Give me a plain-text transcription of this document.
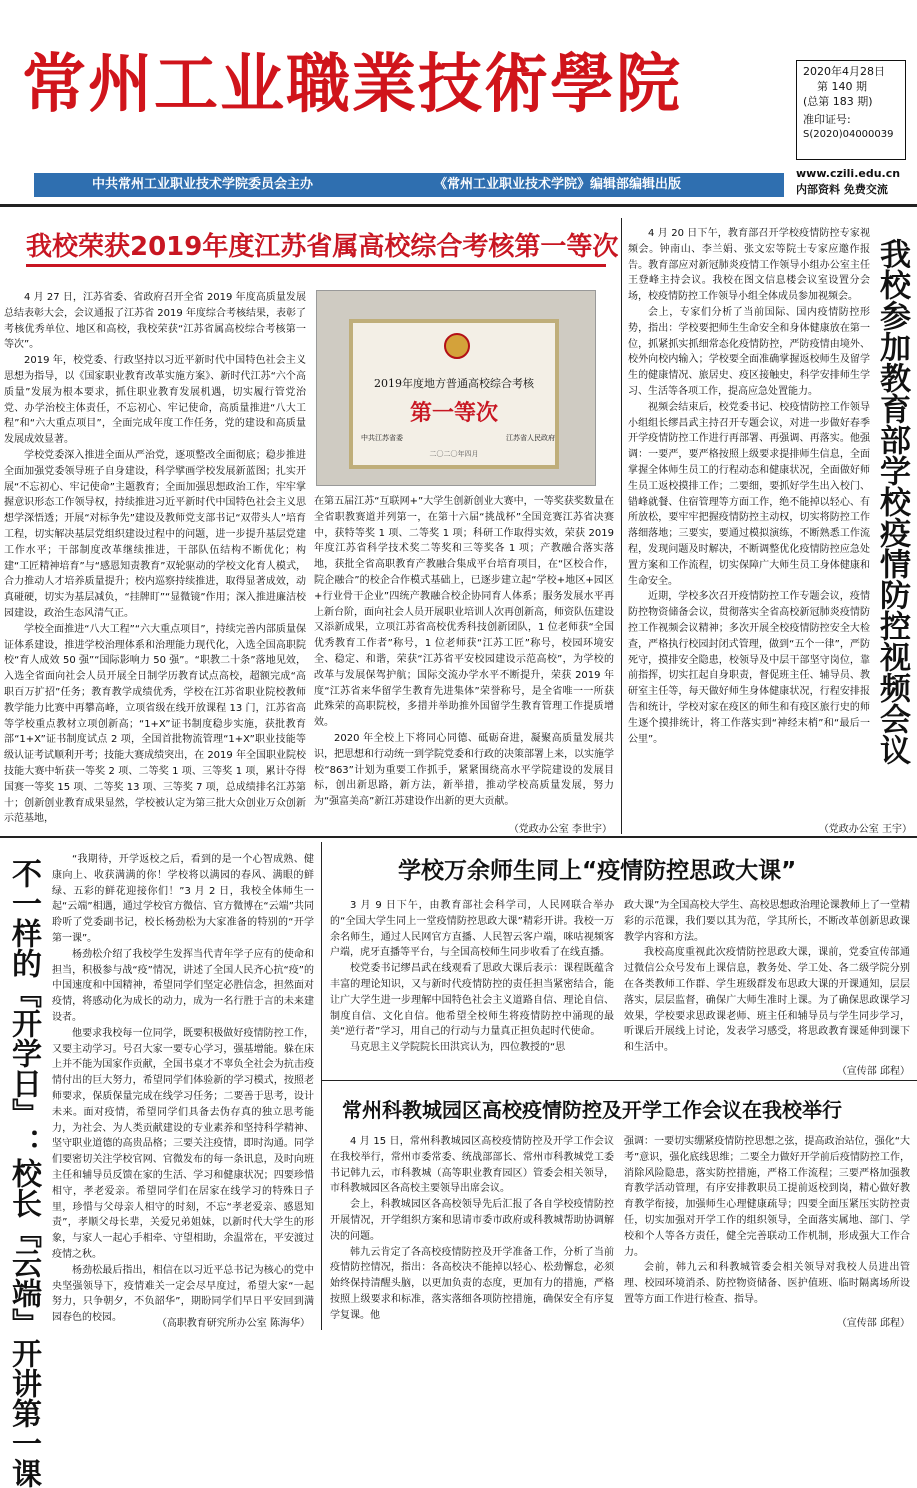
常州工业職業技術學院	2020年4月28日
第 140 期
(总第 183 期)
准印证号:
S(2020)04000039
中共常州工业职业技术学院委员会主办	《常州工业职业技术学院》编辑部编辑出版
www.czili.edu.cn
内部资料 免费交流
我校荣获2019年度江苏省属高校综合考核第一等次

4 月 27 日，江苏省委、省政府召开全省 2019 年度高质量发展总结表彰大会，会议通报了江苏省 2019 年度综合考核结果，表彰了考核优秀单位、地区和高校，我校荣获“江苏省属高校综合考核第一等次”。

2019 年，校党委、行政坚持以习近平新时代中国特色社会主义思想为指导，以《国家职业教育改革实施方案》、新时代江苏“六个高质量”发展为根本要求，抓住职业教育发展机遇，切实履行管党治党、办学治校主体责任，不忘初心、牢记使命，高质量推进“八大工程”和“六大重点项目”，全面完成年度工作任务，党的建设和高质量发展成效显著。

学校党委深入推进全面从严治党，逐项整改全面彻底；稳步推进全面加强党委领导班子自身建设，科学擘画学校发展新蓝图；扎实开展“不忘初心、牢记使命”主题教育；全面加强思想政治工作，牢牢掌握意识形态工作领导权，持续推进习近平新时代中国特色社会主义思想学深悟透；开展“对标争先”建设及教师党支部书记“双带头人”培育工程，切实解决基层党组织建设过程中的问题，进一步提升基层党建工作水平；干部制度改革继续推进，干部队伍结构不断优化；构建“工匠精神培育”与“感恩知责教育”双轮驱动的学校文化育人模式，合力推动人才培养质量提升；校内巡察持续推进，取得显著成效，动真碰硬，切实为基层减负，“挂牌盯”“显微镜”作用；深入推进廉洁校园建设，政治生态风清气正。

学校全面推进“八大工程”“六大重点项目”，持续完善内部质量保证体系建设，推进学校治理体系和治理能力现代化，入选全国高职院校“育人成效 50 强”“国际影响力 50 强”。“职教二十条”落地见效，入选全省面向社会人员开展全日制学历教育试点高校，超额完成“高职百万扩招”任务；教育教学成绩优秀，学校在江苏省职业院校教师教学能力比赛中再攀高峰，立项省级在线开放课程 13 门，江苏省高等学校重点教材立项创新高；“1+X”证书制度稳步实施，获批教育部“1+X”证书制度试点 2 项，全国首批物流管理“1+X”职业技能等级认证考试顺利开考；技能大赛成绩突出，在 2019 年全国职业院校技能大赛中斩获一等奖 2 项、二等奖 1 项、三等奖 1 项，累计夺得国赛一等奖 15 项、二等奖 13 项、三等奖 7 项，总成绩排名江苏第十；创新创业教育成果显然，学校被认定为第三批大众创业万众创新示范基地，

2019年度地方普通高校综合考核
第一等次
中共江苏省委	江苏省人民政府
二〇二〇年四月

在第五届江苏“互联网+”大学生创新创业大赛中，一等奖获奖数量在全省职教赛道并列第一，在第十六届“挑战杯”全国竞赛江苏省决赛中，获特等奖 1 项、二等奖 1 项；科研工作取得实效，荣获 2019 年度江苏省科学技术奖二等奖和三等奖各 1 项；产教融合落实落地，获批全省高职教育产教融合集成平台培育项目，在“区校合作，院企融合”的校企合作模式基础上，已逐步建立起“学校+地区+园区+行业骨干企业”四统产教融合校企协同育人体系；服务发展水平再上新台阶，面向社会人员开展职业培训人次再创新高，师资队伍建设又添新成果，立项江苏省高校优秀科技创新团队，1 位老师获“全国优秀教育工作者”称号，1 位老师获“江苏工匠”称号，校园环境安全、稳定、和谐，荣获“江苏省平安校园建设示范高校”，为学校的改革与发展保驾护航；国际交流办学水平不断提升，荣获 2019 年度“江苏省来华留学生教育先进集体”荣誉称号，是全省唯一一所获此殊荣的高职院校，多措并举助推外国留学生教育管理工作提质增效。

2020 年全校上下将同心同德、砥砺奋进，凝聚高质量发展共识，把思想和行动统一到学院党委和行政的决策部署上来，以实施学校“863”计划为重要工作抓手，紧紧围绕高水平学院建设的发展目标，创出新思路，新方法，新举措，推动学校高质量发展，努力为“强富美高”新江苏建设作出新的更大贡献。

（党政办公室 李世宇）

4 月 20 日下午，教育部召开学校疫情防控专家视频会。钟南山、李兰娟、张文宏等院士专家应邀作报告。教育部应对新冠肺炎疫情工作领导小组办公室主任王登峰主持会议。我校在图文信息楼会议室设置分会场，校疫情防控工作领导小组全体成员参加视频会。

会上，专家们分析了当前国际、国内疫情防控形势，指出：学校要把师生生命安全和身体健康放在第一位，抓紧抓实抓细常态化疫情防控，严防疫情由境外、校外向校内输入；学校要全面准确掌握返校师生及留学生的健康情况、旅居史、疫区接触史，科学安排师生学习、生活等各项工作，提高应急处置能力。

视频会结束后，校党委书记、校疫情防控工作领导小组组长缪昌武主持召开专题会议，对进一步做好春季开学疫情防控工作进行再部署、再强调、再落实。他强调：一要严，要严格按照上级要求提排师生信息，全面掌握全体师生员工的行程动态和健康状况，全面做好师生员工返校摸排工作；二要细，要抓好学生出入校门、错峰就餐、住宿管理等方面工作，绝不能掉以轻心、有所放松，要牢牢把握疫情防控主动权，切实将防控工作落细落地；三要实，要通过模拟演练，不断熟悉工作流程，发现问题及时解决，不断调整优化疫情防控应急处置方案和工作流程，切实保障广大师生员工身体健康和生命安全。

近期，学校多次召开疫情防控工作专题会议，疫情防控物资储备会议，贯彻落实全省高校新冠肺炎疫情防控工作视频会议精神；多次开展全校疫情防控安全大检查，严格执行校园封闭式管理，做到“五个一律”，严防死守，摸排安全隐患，校领导及中层干部坚守岗位，靠前指挥，切实扛起自身职责，督促班主任、辅导员、教研室主任等，每天做好师生身体健康状况，行程安排报告和统计，学校对家在疫区的师生和有疫区旅行史的师生逐个摸排统计，将工作落实到“神经末梢”和“最后一公里”。	我校参加教育部学校疫情防控视频会议
（党政办公室 王宇）
不一样的『开学日』：校长『云端』开讲第一课	“我期待，开学返校之后，看到的是一个心智成熟、健康向上、收获满满的你！学校将以满园的春风、满眼的鲜绿、五彩的鲜花迎接你们！”3 月 2 日，我校全体师生一起“云端”相遇，通过学校官方微信、官方微博在“云端”共同聆听了党委副书记，校长杨劲松为大家准备的特别的“开学第一课”。

杨劲松介绍了我校学生发挥当代青年学子应有的使命和担当，积极参与战“疫”情况，讲述了全国人民齐心抗“疫”的中国速度和中国精神，希望同学们坚定必胜信念，担然面对疫情，将感动化为成长的动力，成为一名行胜于言的未来建设者。

他要求我校每一位同学，既要积极做好疫情防控工作，又要主动学习。号召大家一要专心学习，强基增能。躲在床上并不能为国家作贡献，全国书桌才不辜负全社会为抗击疫情付出的巨大努力，希望同学们体验新的学习模式，按照老师要求，保质保量完成在线学习任务；二要善于思考，设计未来。面对疫情，希望同学们具备去伪存真的独立思考能力，为社会、为人类贡献建设的专业素养和坚持科学精神、坚守职业道德的高贵品格；三要关注疫情，即时沟通。同学们要密切关注学校官网、官微发布的每一条讯息，及时向班主任和辅导员反馈在家的生活、学习和健康状况；四要珍惜相守，孝老爱亲。希望同学们在居家在线学习的特殊日子里，珍惜与父母亲人相守的时刻，不忘“孝老爱亲、感恩知责”，孝顺父母长辈，关爱兄弟姐妹，以新时代大学生的形象，与家人一起心手相牵、守望相助，余温常在，平安渡过疫情之秋。

杨劲松最后指出，相信在以习近平总书记为核心的党中央坚强领导下，疫情难关一定会尽早度过，希望大家“一起努力，只争朝夕，不负韶华”，期盼同学们早日平安回到满园春色的校园。

（高职教育研究所办公室 陈海华）
学校万余师生同上“疫情防控思政大课”

3 月 9 日下午，由教育部社会科学司，人民网联合举办的“全国大学生同上一堂疫情防控思政大课”精彩开讲。我校一万余名师生，通过人民网官方直播、人民智云客户端，咪咕视频客户端，虎牙直播等平台，与全国高校师生同步收看了在线直播。

校党委书记缪昌武在线观看了思政大课后表示：课程既蕴含丰富的理论知识，又与新时代疫情防控的责任担当紧密结合，能让广大学生进一步理解中国特色社会主义道路自信、理论自信、制度自信、文化自信。他希望全校师生将疫情防控中涌现的最美“逆行者”学习，用自己的行动与力量真正担负起时代使命。

马克思主义学院院长田洪宾认为，四位教授的“思

政大课”为全国高校大学生、高校思想政治理论课教师上了一堂精彩的示范课，我们要以其为范，学其所长，不断改革创新思政课教学内容和方法。

我校高度重视此次疫情防控思政大课，课前，党委宣传部通过微信公众号发布上课信息，教务处、学工处、各二级学院分别在各类教师工作群、学生班级群发布思政大课的开课通知，层层落实，层层监督，确保广大师生准时上课。为了确保思政课学习效果，学校要求思政课老师、班主任和辅导员与学生同步学习，听课后开展线上讨论，发表学习感受，将思政教育课延伸到课下和生活中。

（宣传部 邱程）
常州科教城园区高校疫情防控及开学工作会议在我校举行

4 月 15 日，常州科教城园区高校疫情防控及开学工作会议在我校举行，常州市委常委、统战部部长、常州市科教城党工委书记韩九云，市科教城（高等职业教育园区）管委会相关领导，市科教城园区各高校主要领导出席会议。

会上，科教城园区各高校领导先后汇报了各自学校疫情防控开展情况，开学组织方案和思请市委市政府或科教城帮助协调解决的问题。

韩九云肯定了各高校疫情防控及开学准备工作，分析了当前疫情防控情况，指出：各高校决不能掉以轻心、松劲懈怠，必须始终保持清醒头脑，以更加负责的态度，更加有力的措施，严格按照上级要求和标准，落实落细各项防控措施，确保安全有序复学复课。他

强调：一要切实绷紧疫情防控思想之弦，提高政治站位，强化“大考”意识，强化底线思维；二要全力做好开学前后疫情防控工作，消除风险隐患，落实防控措施，严格工作流程；三要严格加强教育教学活动管理，有序安排教职员工提前返校到岗，精心做好教育教学衔接，加强师生心理健康疏导；四要全面压紧压实防控责任，切实加强对开学工作的组织领导，全面落实属地、部门、学校和个人等各方责任，健全完善联动工作机制，形成强大工作合力。

会前，韩九云和科教城管委会相关领导对我校人员进出管理、校园环境消杀、防控物资储备、医护值班、临时隔离场所设置等方面工作进行检查、指导。

（宣传部 邱程）
